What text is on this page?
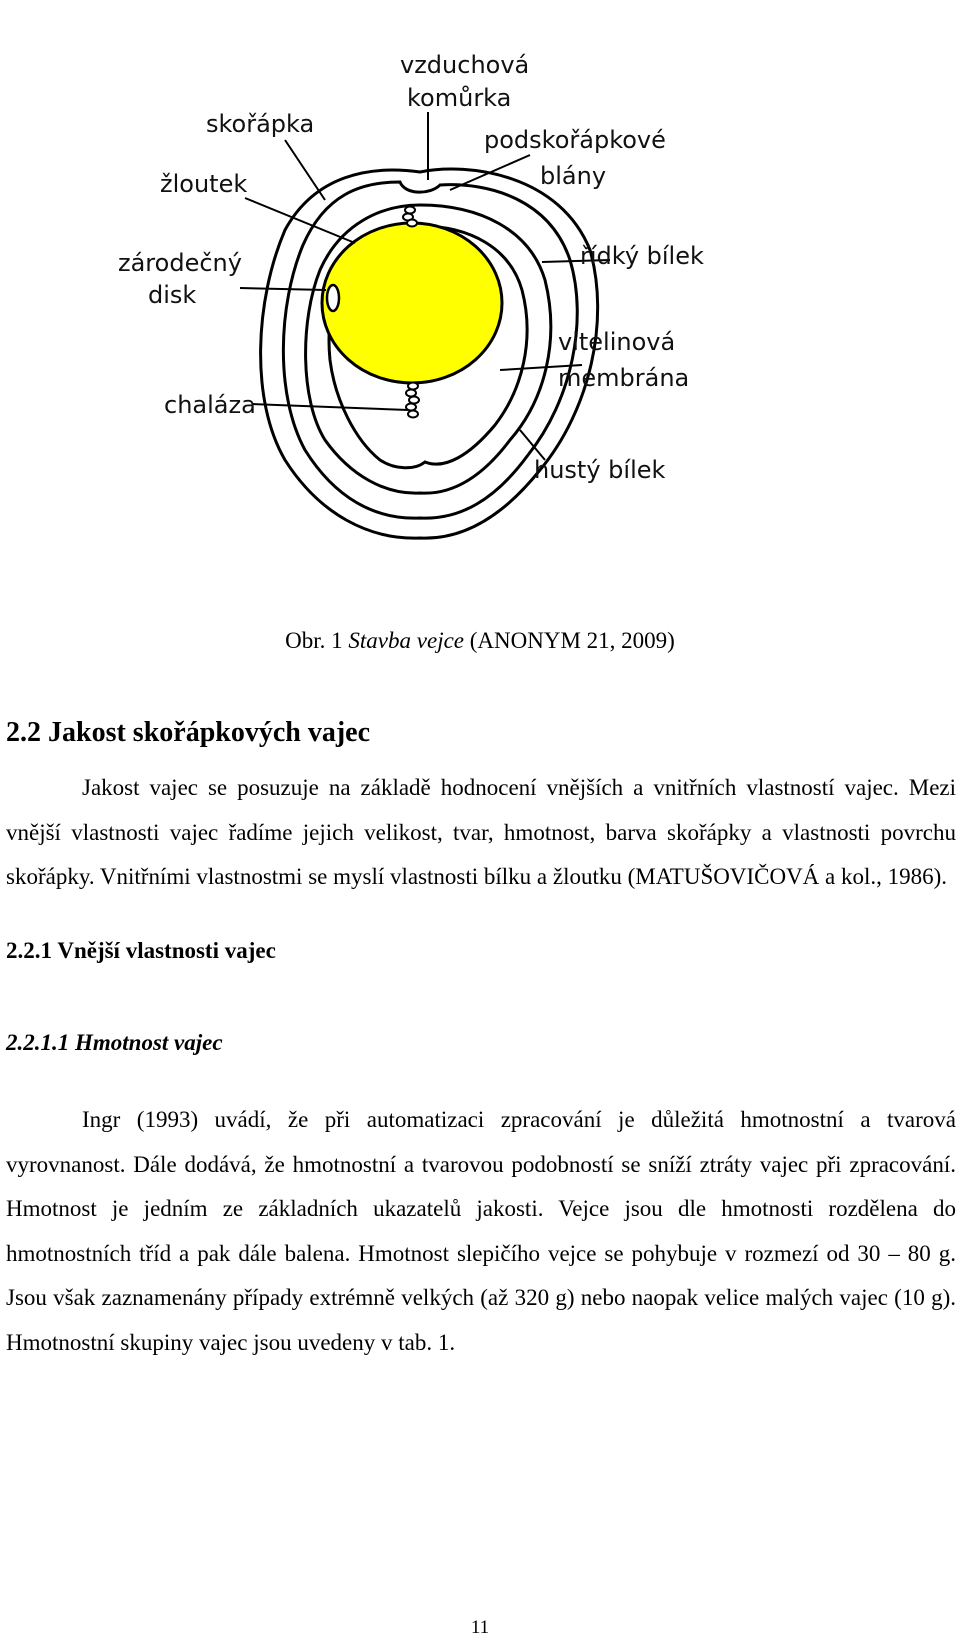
vzduchová
komůrka
skořápka
podskořápkové
blány
žloutek
řídký bílek
zárodečný
disk
vitelinová
membrána
chaláza
hustý bílek
Obr. 1 Stavba vejce (ANONYM 21, 2009)
2.2 Jakost skořápkových vajec

Jakost vajec se posuzuje na základě hodnocení vnějších a vnitřních vlastností vajec. Mezi vnější vlastnosti vajec řadíme jejich velikost, tvar, hmotnost, barva skořápky a vlastnosti povrchu skořápky. Vnitřními vlastnostmi se myslí vlastnosti bílku a žloutku (MATUŠOVIČOVÁ a kol., 1986).

2.2.1 Vnější vlastnosti vajec
2.2.1.1 Hmotnost vajec

Ingr (1993) uvádí, že při automatizaci zpracování je důležitá hmotnostní a tvarová vyrovnanost. Dále dodává, že hmotnostní a tvarovou podobností se sníží ztráty vajec při zpracování. Hmotnost je jedním ze základních ukazatelů jakosti. Vejce jsou dle hmotnosti rozdělena do hmotnostních tříd a pak dále balena. Hmotnost slepičího vejce se pohybuje v rozmezí od 30 – 80 g. Jsou však zaznamenány případy extrémně velkých (až 320 g) nebo naopak velice malých vajec (10 g). Hmotnostní skupiny vajec jsou uvedeny v tab. 1.

11
